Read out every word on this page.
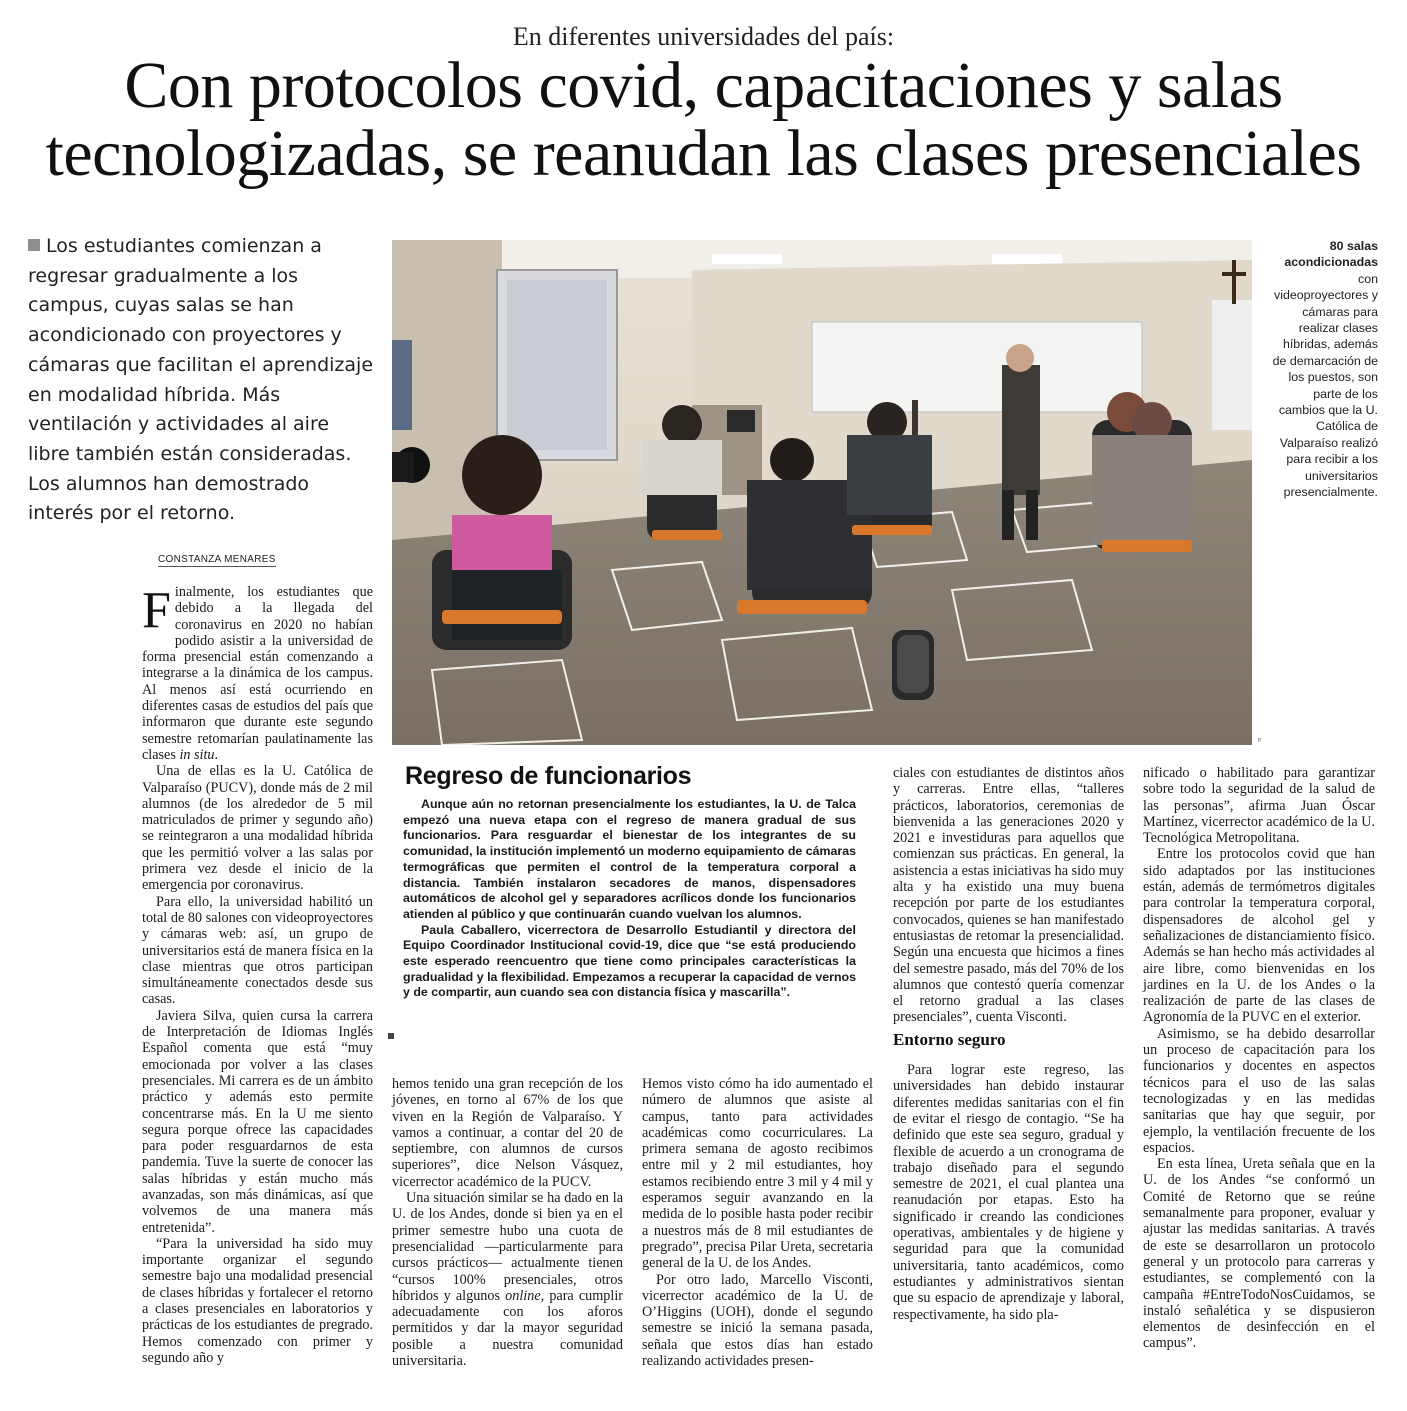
En diferentes universidades del país:
Con protocolos covid, capacitaciones y salas
tecnologizadas, se reanudan las clases presenciales
Los estudiantes comienzan a regresar gradualmente a los campus, cuyas salas se han acondicionado con proyectores y cámaras que facilitan el aprendizaje en modalidad híbrida. Más ventilación y actividades al aire libre también están consideradas. Los alumnos han demostrado interés por el retorno.
CONSTANZA MENARES
P
80 salas acondicionadas con videoproyectores y cámaras para realizar clases híbridas, además de demarcación de los puestos, son parte de los cambios que la U. Católica de Valparaíso realizó para recibir a los universitarios presencialmente.

Finalmente, los estudiantes que debido a la llegada del coronavirus en 2020 no habían podido asistir a la universidad de forma presencial están comenzando a integrarse a la dinámica de los campus. Al menos así está ocurriendo en diferentes casas de estudios del país que informaron que durante este segundo semestre retomarían paulatinamente las clases in situ.

Una de ellas es la U. Católica de Valparaíso (PUCV), donde más de 2 mil alumnos (de los alrededor de 5 mil matriculados de primer y segundo año) se reintegraron a una modalidad híbrida que les permitió volver a las salas por primera vez desde el inicio de la emergencia por coronavirus.

Para ello, la universidad habilitó un total de 80 salones con videoproyectores y cámaras web: así, un grupo de universitarios está de manera física en la clase mientras que otros participan simultáneamente conectados desde sus casas.

Javiera Silva, quien cursa la carrera de Interpretación de Idiomas Inglés Español comenta que está “muy emocionada por volver a las clases presenciales. Mi carrera es de un ámbito práctico y además esto permite concentrarse más. En la U me siento segura porque ofrece las capacidades para poder resguardarnos de esta pandemia. Tuve la suerte de conocer las salas híbridas y están mucho más avanzadas, son más dinámicas, así que volvemos de una manera más entretenida”.

“Para la universidad ha sido muy importante organizar el segundo semestre bajo una modalidad presencial de clases híbridas y fortalecer el retorno a clases presenciales en laboratorios y prácticas de los estudiantes de pregrado. Hemos comenzado con primer y segundo año y

Regreso de funcionarios

Aunque aún no retornan presencialmente los estudiantes, la U. de Talca empezó una nueva etapa con el regreso de manera gradual de sus funcionarios. Para resguardar el bienestar de los integrantes de su comunidad, la institución implementó un moderno equipamiento de cámaras termográficas que permiten el control de la temperatura corporal a distancia. También instalaron secadores de manos, dispensadores automáticos de alcohol gel y separadores acrílicos donde los funcionarios atienden al público y que continuarán cuando vuelvan los alumnos.

Paula Caballero, vicerrectora de Desarrollo Estudiantil y directora del Equipo Coordinador Institucional covid-19, dice que “se está produciendo este esperado reencuentro que tiene como principales características la gradualidad y la flexibilidad. Empezamos a recuperar la capacidad de vernos y de compartir, aun cuando sea con distancia física y mascarilla”.

hemos tenido una gran recepción de los jóvenes, en torno al 67% de los que viven en la Región de Valparaíso. Y vamos a continuar, a contar del 20 de septiembre, con alumnos de cursos superiores”, dice Nelson Vásquez, vicerrector académico de la PUCV.

Una situación similar se ha dado en la U. de los Andes, donde si bien ya en el primer semestre hubo una cuota de presencialidad —particularmente para cursos prácticos— actualmente tienen “cursos 100% presenciales, otros híbridos y algunos online, para cumplir adecuadamente con los aforos permitidos y dar la mayor seguridad posible a nuestra comunidad universitaria.

Hemos visto cómo ha ido aumentado el número de alumnos que asiste al campus, tanto para actividades académicas como cocurriculares. La primera semana de agosto recibimos entre mil y 2 mil estudiantes, hoy estamos recibiendo entre 3 mil y 4 mil y esperamos seguir avanzando en la medida de lo posible hasta poder recibir a nuestros más de 8 mil estudiantes de pregrado”, precisa Pilar Ureta, secretaria general de la U. de los Andes.

Por otro lado, Marcello Visconti, vicerrector académico de la U. de O’Higgins (UOH), donde el segundo semestre se inició la semana pasada, señala que estos días han estado realizando actividades presen-

ciales con estudiantes de distintos años y carreras. Entre ellas, “talleres prácticos, laboratorios, ceremonias de bienvenida a las generaciones 2020 y 2021 e investiduras para aquellos que comienzan sus prácticas. En general, la asistencia a estas iniciativas ha sido muy alta y ha existido una muy buena recepción por parte de los estudiantes convocados, quienes se han manifestado entusiastas de retomar la presencialidad. Según una encuesta que hicimos a fines del semestre pasado, más del 70% de los alumnos que contestó quería comenzar el retorno gradual a las clases presenciales”, cuenta Visconti.

Entorno seguro

Para lograr este regreso, las universidades han debido instaurar diferentes medidas sanitarias con el fin de evitar el riesgo de contagio. “Se ha definido que este sea seguro, gradual y flexible de acuerdo a un cronograma de trabajo diseñado para el segundo semestre de 2021, el cual plantea una reanudación por etapas. Esto ha significado ir creando las condiciones operativas, ambientales y de higiene y seguridad para que la comunidad universitaria, tanto académicos, como estudiantes y administrativos sientan que su espacio de aprendizaje y laboral, respectivamente, ha sido pla-

nificado o habilitado para garantizar sobre todo la seguridad de la salud de las personas”, afirma Juan Óscar Martínez, vicerrector académico de la U. Tecnológica Metropolitana.

Entre los protocolos covid que han sido adaptados por las instituciones están, además de termómetros digitales para controlar la temperatura corporal, dispensadores de alcohol gel y señalizaciones de distanciamiento físico. Además se han hecho más actividades al aire libre, como bienvenidas en los jardines en la U. de los Andes o la realización de parte de las clases de Agronomía de la PUVC en el exterior.

Asimismo, se ha debido desarrollar un proceso de capacitación para los funcionarios y docentes en aspectos técnicos para el uso de las salas tecnologizadas y en las medidas sanitarias que hay que seguir, por ejemplo, la ventilación frecuente de los espacios.

En esta línea, Ureta señala que en la U. de los Andes “se conformó un Comité de Retorno que se reúne semanalmente para proponer, evaluar y ajustar las medidas sanitarias. A través de este se desarrollaron un protocolo general y un protocolo para carreras y estudiantes, se complementó con la campaña #EntreTodoNosCuidamos, se instaló señalética y se dispusieron elementos de desinfección en el campus”.
